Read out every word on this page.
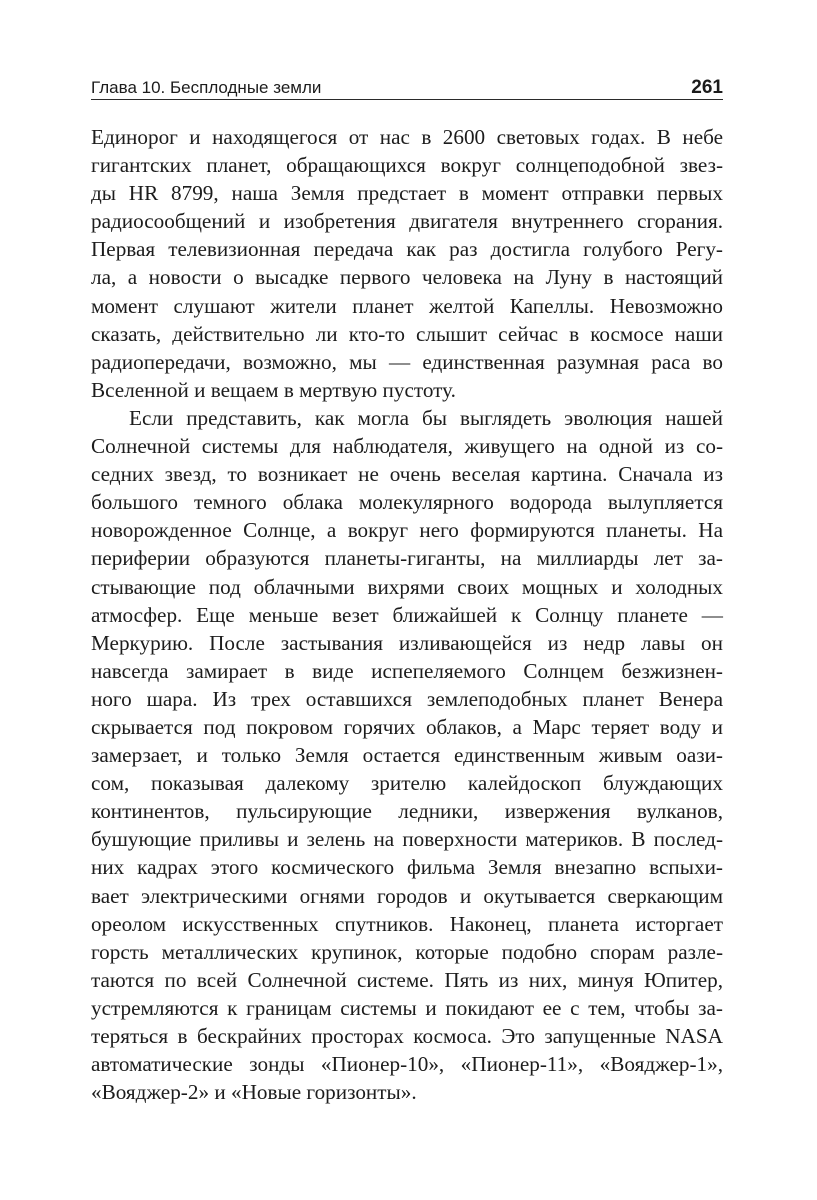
Глава 10. Бесплодные земли	261
Единорог и находящегося от нас в 2600 световых годах. В небе
гигантских планет, обращающихся вокруг солнцеподобной звез-
ды HR 8799, наша Земля предстает в момент отправки первых
радиосообщений и изобретения двигателя внутреннего сгорания.
Первая телевизионная передача как раз достигла голубого Регу-
ла, а новости о высадке первого человека на Луну в настоящий
момент слушают жители планет желтой Капеллы. Невозможно
сказать, действительно ли кто-то слышит сейчас в космосе наши
радиопередачи, возможно, мы — единственная разумная раса во
Вселенной и вещаем в мертвую пустоту.
Если представить, как могла бы выглядеть эволюция нашей
Солнечной системы для наблюдателя, живущего на одной из со-
седних звезд, то возникает не очень веселая картина. Сначала из
большого темного облака молекулярного водорода вылупляется
новорожденное Солнце, а вокруг него формируются планеты. На
периферии образуются планеты-гиганты, на миллиарды лет за-
стывающие под облачными вихрями своих мощных и холодных
атмосфер. Еще меньше везет ближайшей к Солнцу планете —
Меркурию. После застывания изливающейся из недр лавы он
навсегда замирает в виде испепеляемого Солнцем безжизнен-
ного шара. Из трех оставшихся землеподобных планет Венера
скрывается под покровом горячих облаков, а Марс теряет воду и
замерзает, и только Земля остается единственным живым оази-
сом, показывая далекому зрителю калейдоскоп блуждающих
континентов, пульсирующие ледники, извержения вулканов,
бушующие приливы и зелень на поверхности материков. В послед-
них кадрах этого космического фильма Земля внезапно вспыхи-
вает электрическими огнями городов и окутывается сверкающим
ореолом искусственных спутников. Наконец, планета исторгает
горсть металлических крупинок, которые подобно спорам разле-
таются по всей Солнечной системе. Пять из них, минуя Юпитер,
устремляются к границам системы и покидают ее с тем, чтобы за-
теряться в бескрайних просторах космоса. Это запущенные NASA
автоматические зонды «Пионер-10», «Пионер-11», «Вояджер-1»,
«Вояджер-2» и «Новые горизонты».
